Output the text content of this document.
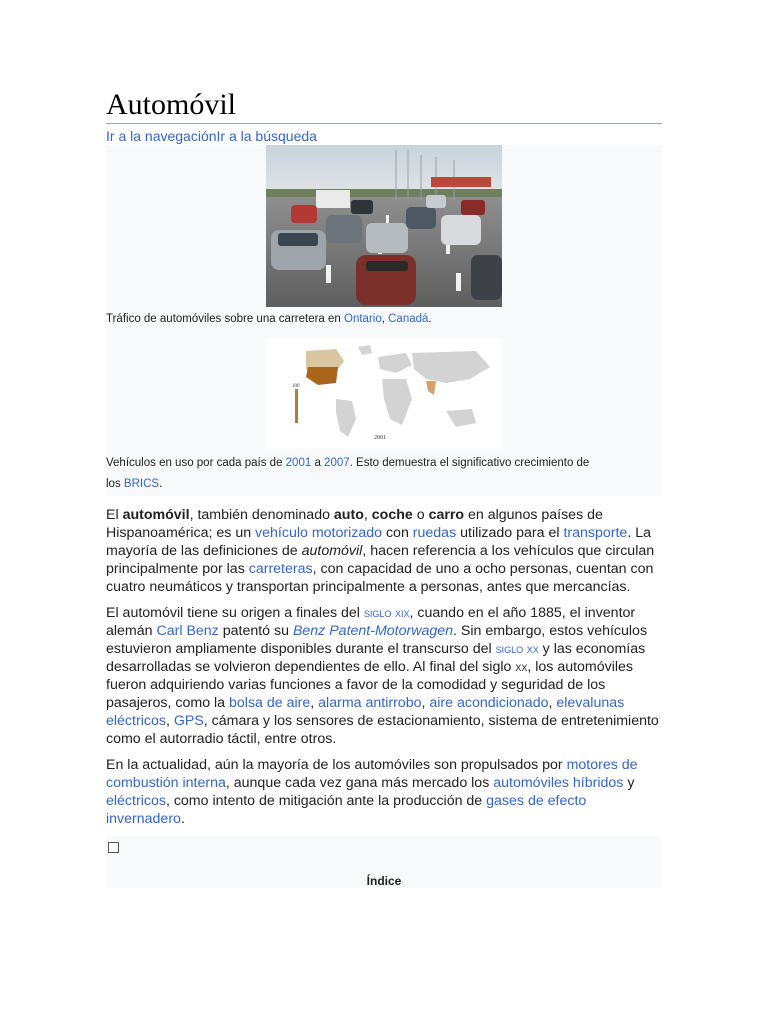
Automóvil
Ir a la navegaciónIr a la búsqueda
Tráfico de automóviles sobre una carretera en Ontario, Canadá.
100
2001
Vehículos en uso por cada país de 2001 a 2007. Esto demuestra el significativo crecimiento de
los BRICS.

El automóvil, también denominado auto, coche o carro en algunos países de Hispanoamérica; es un vehículo motorizado con ruedas utilizado para el transporte. La mayoría de las definiciones de automóvil, hacen referencia a los vehículos que circulan principalmente por las carreteras, con capacidad de uno a ocho personas, cuentan con cuatro neumáticos y transportan principalmente a personas, antes que mercancías.

El automóvil tiene su origen a finales del siglo xix, cuando en el año 1885, el inventor alemán Carl Benz patentó su Benz Patent-Motorwagen. Sin embargo, estos vehículos estuvieron ampliamente disponibles durante el transcurso del siglo xx y las economías desarrolladas se volvieron dependientes de ello. Al final del siglo xx, los automóviles fueron adquiriendo varias funciones a favor de la comodidad y seguridad de los pasajeros, como la bolsa de aire, alarma antirrobo, aire acondicionado, elevalunas eléctricos, GPS, cámara y los sensores de estacionamiento, sistema de entretenimiento como el autorradio táctil, entre otros.

En la actualidad, aún la mayoría de los automóviles son propulsados por motores de combustión interna, aunque cada vez gana más mercado los automóviles híbridos y eléctricos, como intento de mitigación ante la producción de gases de efecto invernadero.

Índice
